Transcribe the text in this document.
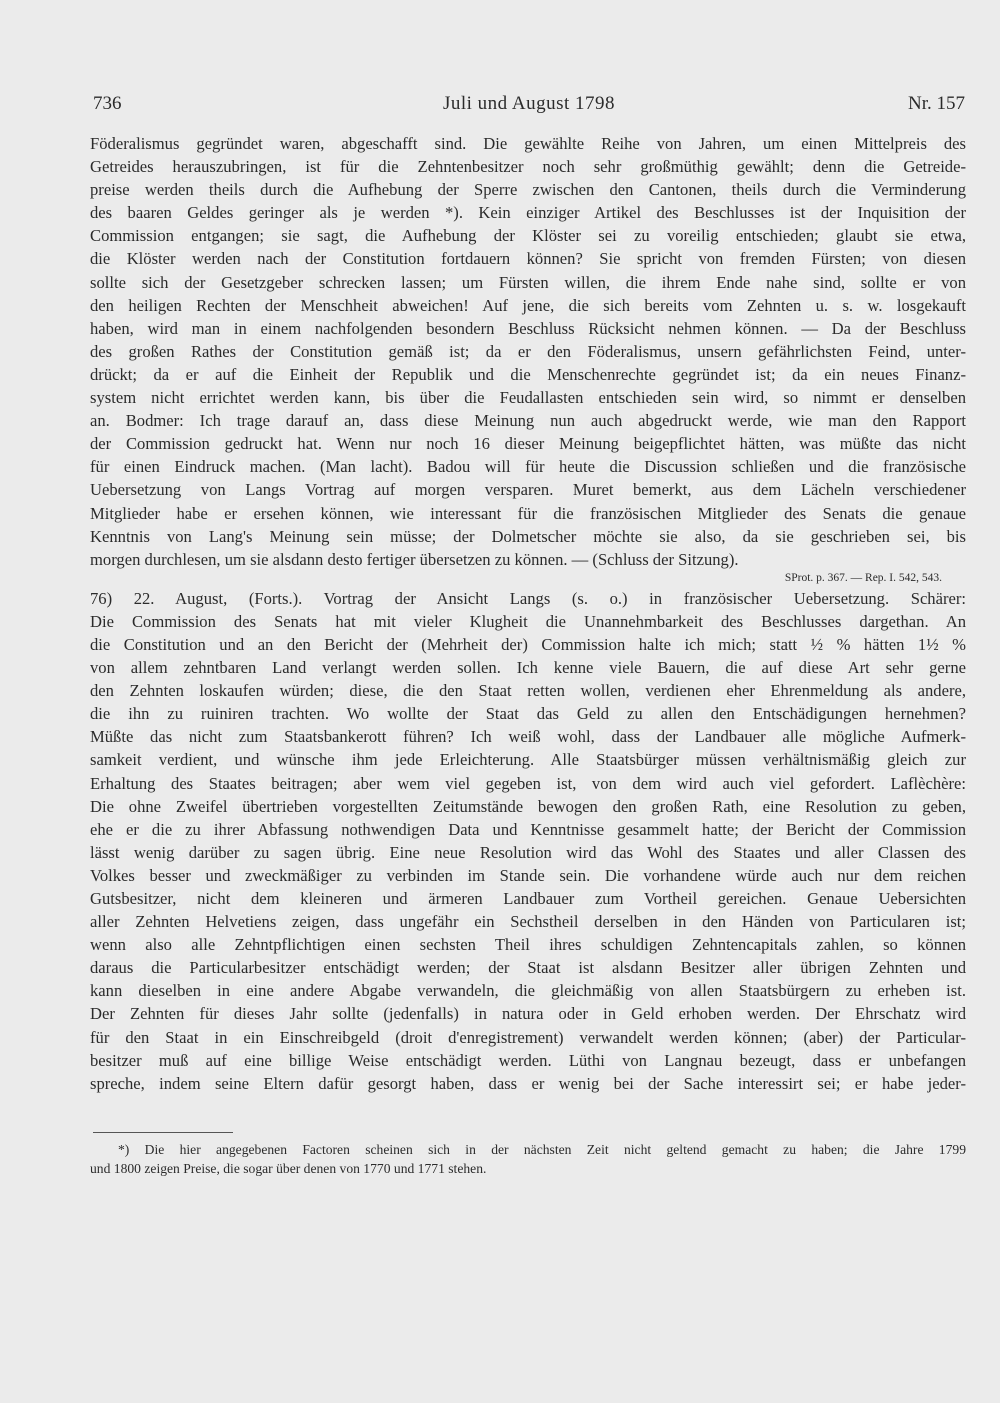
736	Juli und August 1798	Nr. 157
Föderalismus gegründet waren, abgeschafft sind. Die gewählte Reihe von Jahren, um einen Mittelpreis des
Getreides herauszubringen, ist für die Zehntenbesitzer noch sehr großmüthig gewählt; denn die Getreide-
preise werden theils durch die Aufhebung der Sperre zwischen den Cantonen, theils durch die Verminderung
des baaren Geldes geringer als je werden *). Kein einziger Artikel des Beschlusses ist der Inquisition der
Commission entgangen; sie sagt, die Aufhebung der Klöster sei zu voreilig entschieden; glaubt sie etwa,
die Klöster werden nach der Constitution fortdauern können? Sie spricht von fremden Fürsten; von diesen
sollte sich der Gesetzgeber schrecken lassen; um Fürsten willen, die ihrem Ende nahe sind, sollte er von
den heiligen Rechten der Menschheit abweichen! Auf jene, die sich bereits vom Zehnten u. s. w. losgekauft
haben, wird man in einem nachfolgenden besondern Beschluss Rücksicht nehmen können. — Da der Beschluss
des großen Rathes der Constitution gemäß ist; da er den Föderalismus, unsern gefährlichsten Feind, unter-
drückt; da er auf die Einheit der Republik und die Menschenrechte gegründet ist; da ein neues Finanz-
system nicht errichtet werden kann, bis über die Feudallasten entschieden sein wird, so nimmt er denselben
an. Bodmer: Ich trage darauf an, dass diese Meinung nun auch abgedruckt werde, wie man den Rapport
der Commission gedruckt hat. Wenn nur noch 16 dieser Meinung beigepflichtet hätten, was müßte das nicht
für einen Eindruck machen. (Man lacht). Badou will für heute die Discussion schließen und die französische
Uebersetzung von Langs Vortrag auf morgen versparen. Muret bemerkt, aus dem Lächeln verschiedener
Mitglieder habe er ersehen können, wie interessant für die französischen Mitglieder des Senats die genaue
Kenntnis von Lang's Meinung sein müsse; der Dolmetscher möchte sie also, da sie geschrieben sei, bis
morgen durchlesen, um sie alsdann desto fertiger übersetzen zu können. — (Schluss der Sitzung).
SProt. p. 367. — Rep. I. 542, 543.
76) 22. August, (Forts.). Vortrag der Ansicht Langs (s. o.) in französischer Uebersetzung. Schärer:
Die Commission des Senats hat mit vieler Klugheit die Unannehmbarkeit des Beschlusses dargethan. An
die Constitution und an den Bericht der (Mehrheit der) Commission halte ich mich; statt ½ % hätten 1½ %
von allem zehntbaren Land verlangt werden sollen. Ich kenne viele Bauern, die auf diese Art sehr gerne
den Zehnten loskaufen würden; diese, die den Staat retten wollen, verdienen eher Ehrenmeldung als andere,
die ihn zu ruiniren trachten. Wo wollte der Staat das Geld zu allen den Entschädigungen hernehmen?
Müßte das nicht zum Staatsbankerott führen? Ich weiß wohl, dass der Landbauer alle mögliche Aufmerk-
samkeit verdient, und wünsche ihm jede Erleichterung. Alle Staatsbürger müssen verhältnismäßig gleich zur
Erhaltung des Staates beitragen; aber wem viel gegeben ist, von dem wird auch viel gefordert. Laflèchère:
Die ohne Zweifel übertrieben vorgestellten Zeitumstände bewogen den großen Rath, eine Resolution zu geben,
ehe er die zu ihrer Abfassung nothwendigen Data und Kenntnisse gesammelt hatte; der Bericht der Commission
lässt wenig darüber zu sagen übrig. Eine neue Resolution wird das Wohl des Staates und aller Classen des
Volkes besser und zweckmäßiger zu verbinden im Stande sein. Die vorhandene würde auch nur dem reichen
Gutsbesitzer, nicht dem kleineren und ärmeren Landbauer zum Vortheil gereichen. Genaue Uebersichten
aller Zehnten Helvetiens zeigen, dass ungefähr ein Sechstheil derselben in den Händen von Particularen ist;
wenn also alle Zehntpflichtigen einen sechsten Theil ihres schuldigen Zehntencapitals zahlen, so können
daraus die Particularbesitzer entschädigt werden; der Staat ist alsdann Besitzer aller übrigen Zehnten und
kann dieselben in eine andere Abgabe verwandeln, die gleichmäßig von allen Staatsbürgern zu erheben ist.
Der Zehnten für dieses Jahr sollte (jedenfalls) in natura oder in Geld erhoben werden. Der Ehrschatz wird
für den Staat in ein Einschreibgeld (droit d'enregistrement) verwandelt werden können; (aber) der Particular-
besitzer muß auf eine billige Weise entschädigt werden. Lüthi von Langnau bezeugt, dass er unbefangen
spreche, indem seine Eltern dafür gesorgt haben, dass er wenig bei der Sache interessirt sei; er habe jeder-
*) Die hier angegebenen Factoren scheinen sich in der nächsten Zeit nicht geltend gemacht zu haben; die Jahre 1799
und 1800 zeigen Preise, die sogar über denen von 1770 und 1771 stehen.
